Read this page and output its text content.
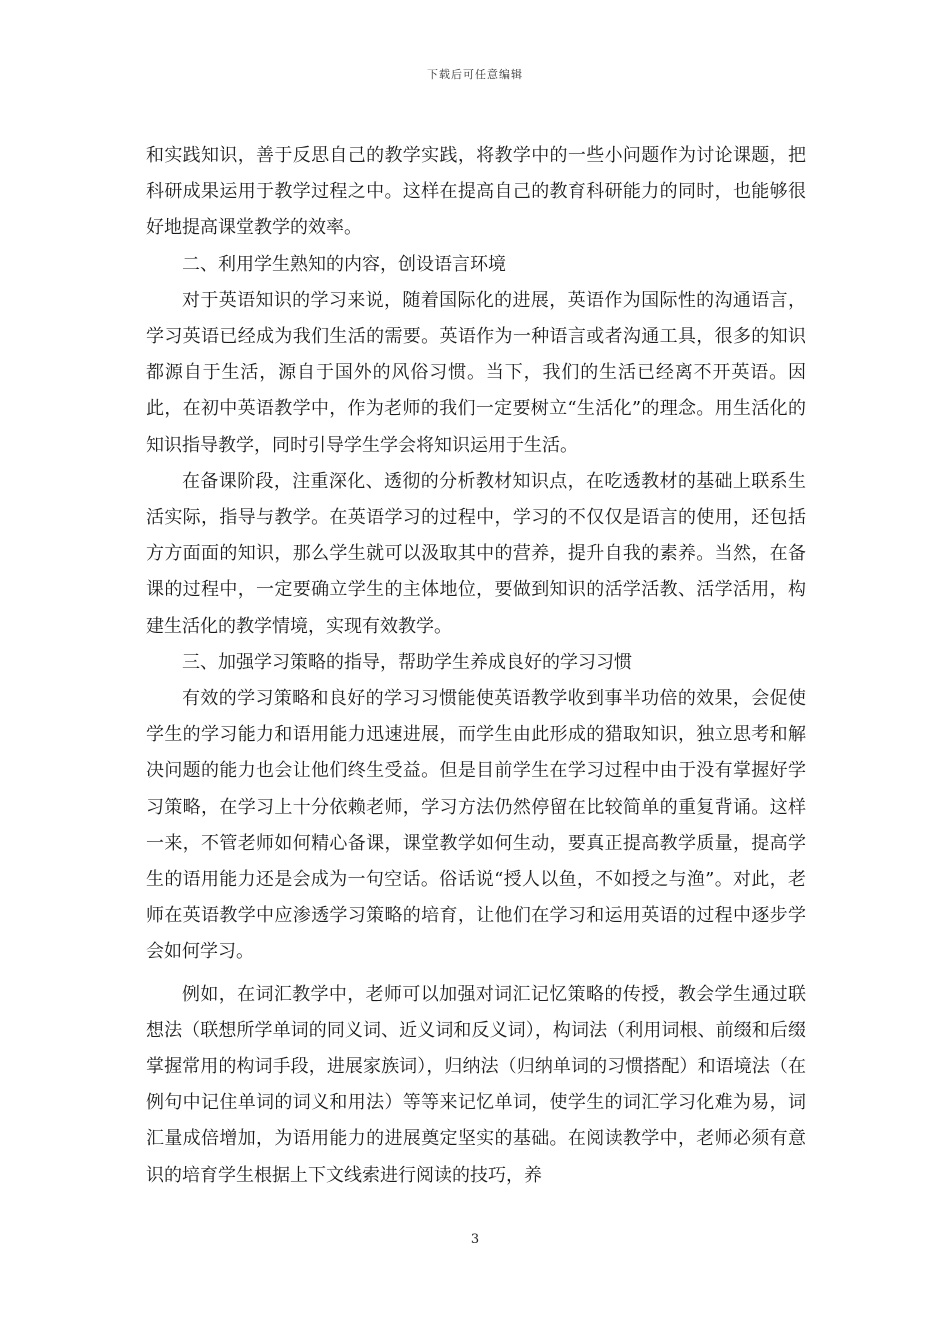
下载后可任意编辑

和实践知识，善于反思自己的教学实践，将教学中的一些小问题作为讨论课题，把科研成果运用于教学过程之中。这样在提高自己的教育科研能力的同时，也能够很好地提高课堂教学的效率。

二、利用学生熟知的内容，创设语言环境

对于英语知识的学习来说，随着国际化的进展，英语作为国际性的沟通语言，学习英语已经成为我们生活的需要。英语作为一种语言或者沟通工具，很多的知识都源自于生活，源自于国外的风俗习惯。当下，我们的生活已经离不开英语。因此，在初中英语教学中，作为老师的我们一定要树立“生活化”的理念。用生活化的知识指导教学，同时引导学生学会将知识运用于生活。

在备课阶段，注重深化、透彻的分析教材知识点，在吃透教材的基础上联系生活实际，指导与教学。在英语学习的过程中，学习的不仅仅是语言的使用，还包括方方面面的知识，那么学生就可以汲取其中的营养，提升自我的素养。当然，在备课的过程中，一定要确立学生的主体地位，要做到知识的活学活教、活学活用，构建生活化的教学情境，实现有效教学。

三、加强学习策略的指导，帮助学生养成良好的学习习惯

有效的学习策略和良好的学习习惯能使英语教学收到事半功倍的效果，会促使学生的学习能力和语用能力迅速进展，而学生由此形成的猎取知识，独立思考和解决问题的能力也会让他们终生受益。但是目前学生在学习过程中由于没有掌握好学习策略，在学习上十分依赖老师，学习方法仍然停留在比较简单的重复背诵。这样一来，不管老师如何精心备课，课堂教学如何生动，要真正提高教学质量，提高学生的语用能力还是会成为一句空话。俗话说“授人以鱼，不如授之与渔”。对此，老师在英语教学中应渗透学习策略的培育，让他们在学习和运用英语的过程中逐步学会如何学习。

例如，在词汇教学中，老师可以加强对词汇记忆策略的传授，教会学生通过联想法（联想所学单词的同义词、近义词和反义词），构词法（利用词根、前缀和后缀掌握常用的构词手段，进展家族词），归纳法（归纳单词的习惯搭配）和语境法（在例句中记住单词的词义和用法）等等来记忆单词，使学生的词汇学习化难为易，词汇量成倍增加，为语用能力的进展奠定坚实的基础。在阅读教学中，老师必须有意识的培育学生根据上下文线索进行阅读的技巧，养

3
